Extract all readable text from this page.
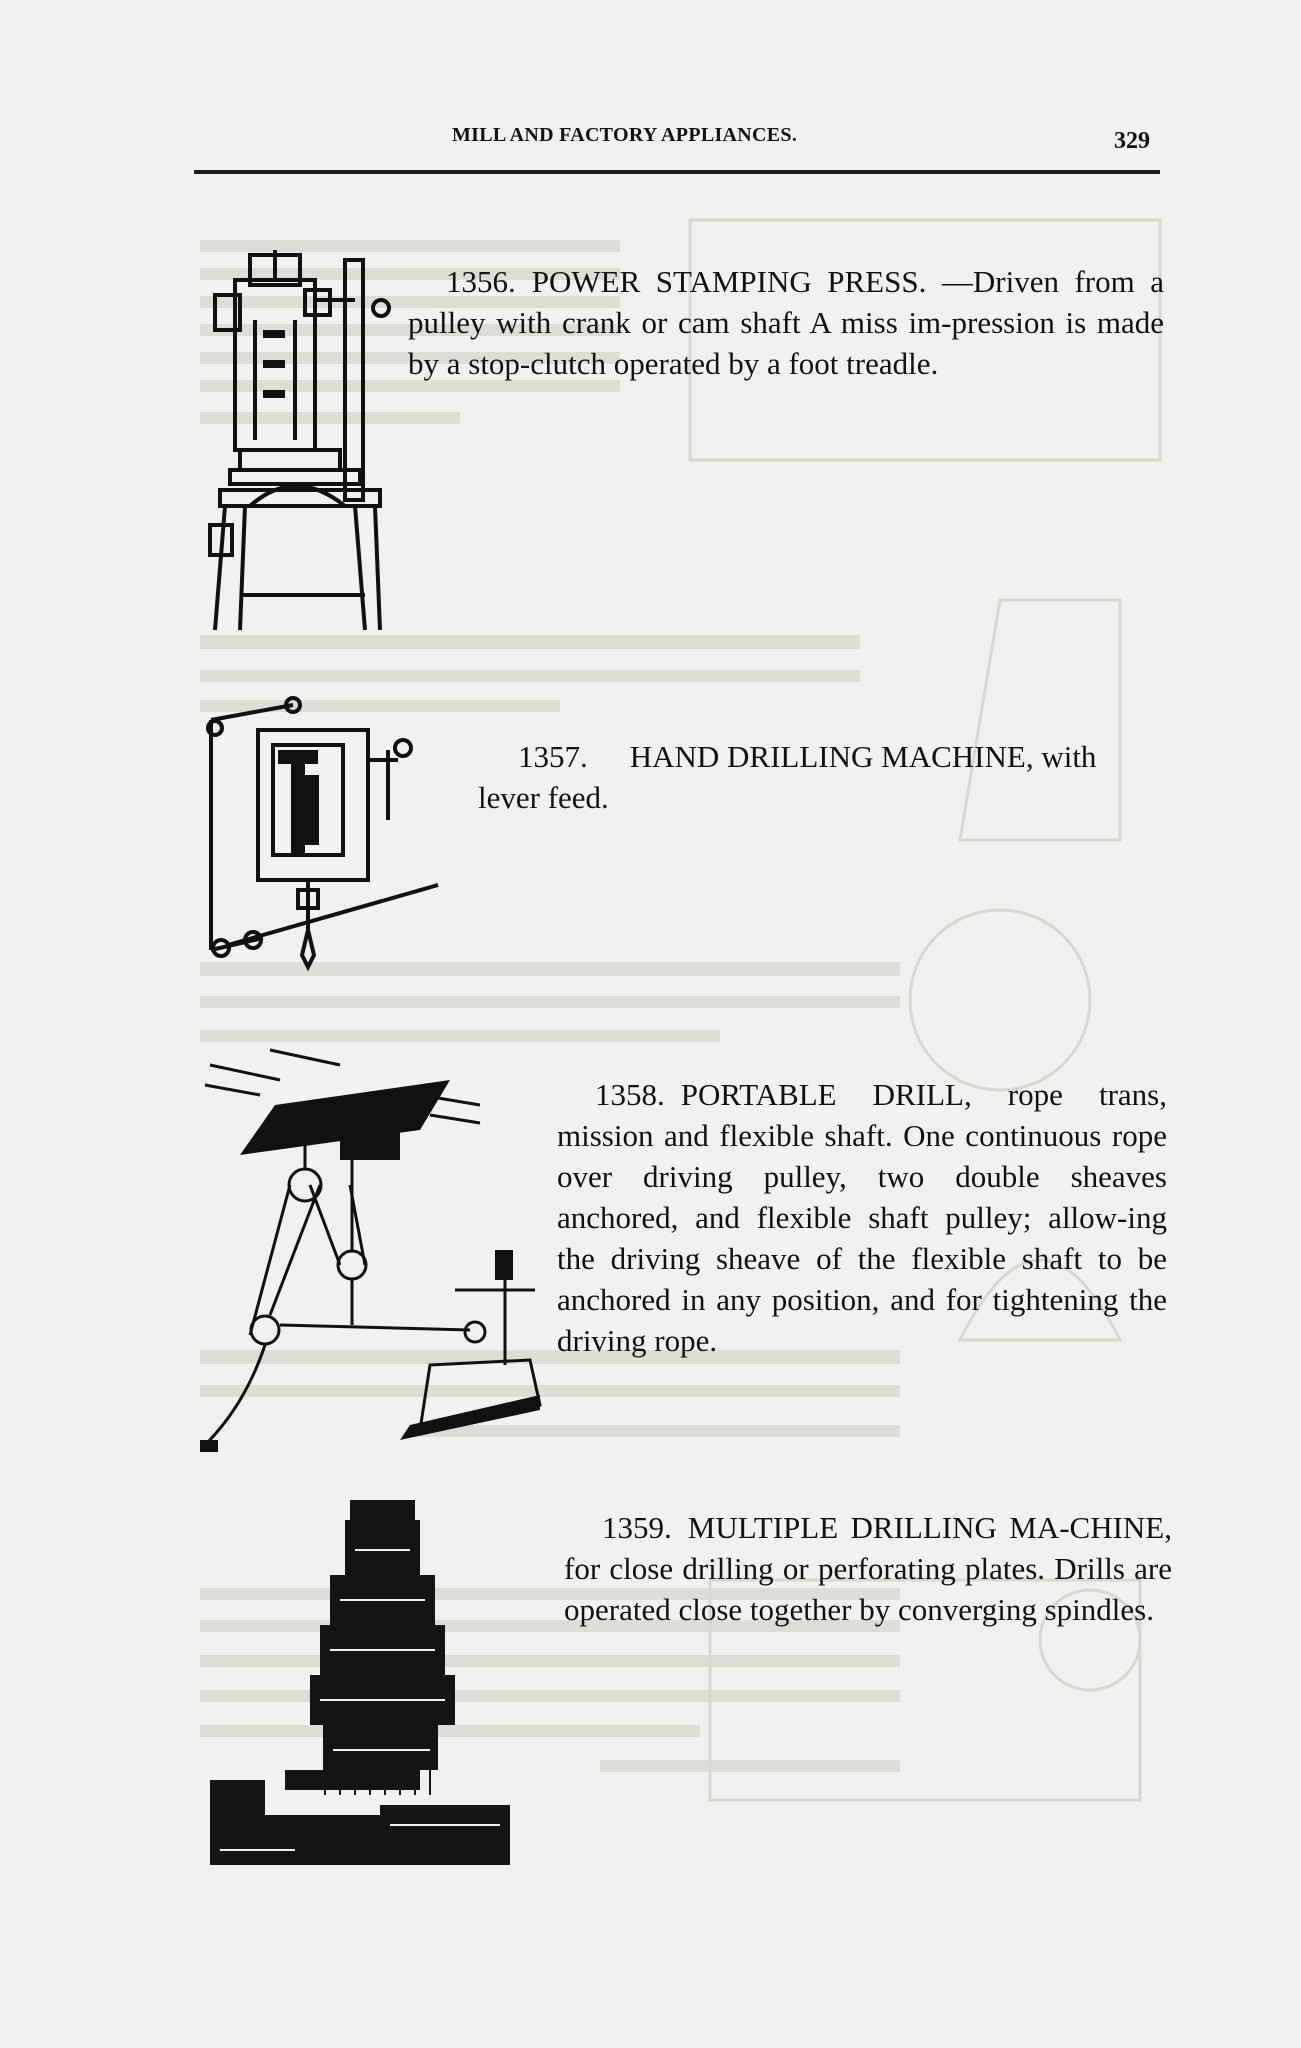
MILL AND FACTORY APPLIANCES.	329
1356. POWER STAMPING PRESS. —Driven from a pulley with crank or cam shaft A miss im-pression is made by a stop-clutch operated by a foot treadle.
1357. HAND DRILLING MACHINE, with lever feed.
1358. PORTABLE DRILL, rope trans, mission and flexible shaft. One continuous rope over driving pulley, two double sheaves anchored, and flexible shaft pulley; allow-ing the driving sheave of the flexible shaft to be anchored in any position, and for tightening the driving rope.
1359. MULTIPLE DRILLING MA-CHINE, for close drilling or perforating plates. Drills are operated close together by converging spindles.
